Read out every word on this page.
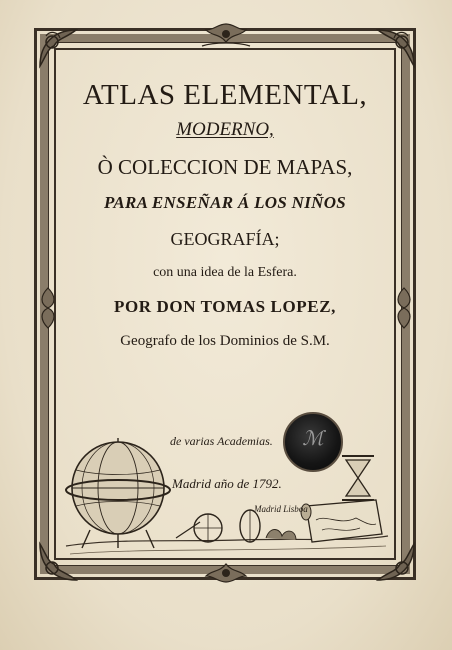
ATLAS ELEMENTAL,
MODERNO,
Ò COLECCION DE MAPAS,
PARA ENSEÑAR Á LOS NIÑOS
GEOGRAFÍA;
con una idea de la Esfera.
POR DON TOMAS LOPEZ,
Geografo de los Dominios de S.M.
Madrid Lisboa
ℳ
de varias Academias.
Madrid año de 1792.
